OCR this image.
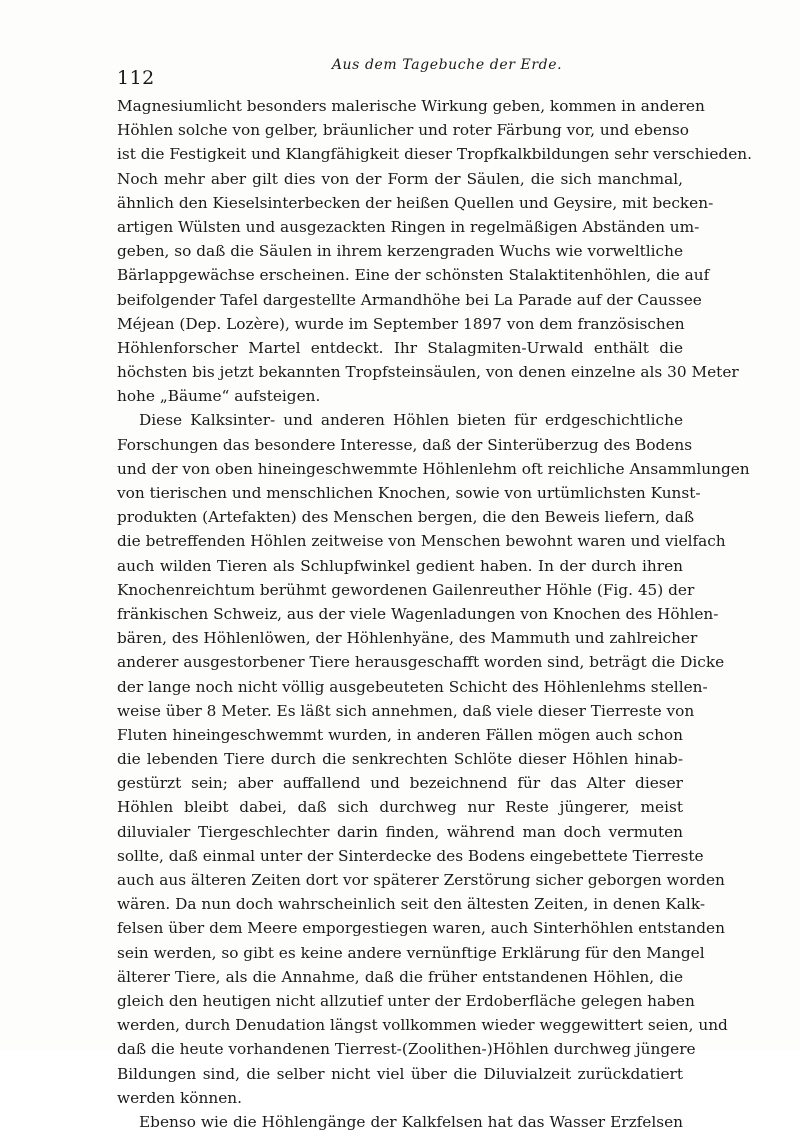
112
Aus dem Tagebuche der Erde.
Magnesiumlicht besonders malerische Wirkung geben, kommen in anderen
Höhlen solche von gelber, bräunlicher und roter Färbung vor, und ebenso
ist die Festigkeit und Klangfähigkeit dieser Tropfkalkbildungen sehr verschieden.
Noch mehr aber gilt dies von der Form der Säulen, die sich manchmal,
ähnlich den Kieselsinterbecken der heißen Quellen und Geysire, mit becken-
artigen Wülsten und ausgezackten Ringen in regelmäßigen Abständen um-
geben, so daß die Säulen in ihrem kerzengraden Wuchs wie vorweltliche
Bärlappgewächse erscheinen. Eine der schönsten Stalaktitenhöhlen, die auf
beifolgender Tafel dargestellte Armandhöhe bei La Parade auf der Caussee
Méjean (Dep. Lozère), wurde im September 1897 von dem französischen
Höhlenforscher Martel entdeckt. Ihr Stalagmiten-Urwald enthält die
höchsten bis jetzt bekannten Tropfsteinsäulen, von denen einzelne als 30 Meter
hohe „Bäume“ aufsteigen.
Diese Kalksinter- und anderen Höhlen bieten für erdgeschichtliche
Forschungen das besondere Interesse, daß der Sinterüberzug des Bodens
und der von oben hineingeschwemmte Höhlenlehm oft reichliche Ansammlungen
von tierischen und menschlichen Knochen, sowie von urtümlichsten Kunst-
produkten (Artefakten) des Menschen bergen, die den Beweis liefern, daß
die betreffenden Höhlen zeitweise von Menschen bewohnt waren und vielfach
auch wilden Tieren als Schlupfwinkel gedient haben. In der durch ihren
Knochenreichtum berühmt gewordenen Gailenreuther Höhle (Fig. 45) der
fränkischen Schweiz, aus der viele Wagenladungen von Knochen des Höhlen-
bären, des Höhlenlöwen, der Höhlenhyäne, des Mammuth und zahlreicher
anderer ausgestorbener Tiere herausgeschafft worden sind, beträgt die Dicke
der lange noch nicht völlig ausgebeuteten Schicht des Höhlenlehms stellen-
weise über 8 Meter. Es läßt sich annehmen, daß viele dieser Tierreste von
Fluten hineingeschwemmt wurden, in anderen Fällen mögen auch schon
die lebenden Tiere durch die senkrechten Schlöte dieser Höhlen hinab-
gestürzt sein; aber auffallend und bezeichnend für das Alter dieser
Höhlen bleibt dabei, daß sich durchweg nur Reste jüngerer, meist
diluvialer Tiergeschlechter darin finden, während man doch vermuten
sollte, daß einmal unter der Sinterdecke des Bodens eingebettete Tierreste
auch aus älteren Zeiten dort vor späterer Zerstörung sicher geborgen worden
wären. Da nun doch wahrscheinlich seit den ältesten Zeiten, in denen Kalk-
felsen über dem Meere emporgestiegen waren, auch Sinterhöhlen entstanden
sein werden, so gibt es keine andere vernünftige Erklärung für den Mangel
älterer Tiere, als die Annahme, daß die früher entstandenen Höhlen, die
gleich den heutigen nicht allzutief unter der Erdoberfläche gelegen haben
werden, durch Denudation längst vollkommen wieder weggewittert seien, und
daß die heute vorhandenen Tierrest-(Zoolithen-)Höhlen durchweg jüngere
Bildungen sind, die selber nicht viel über die Diluvialzeit zurückdatiert
werden können.
Ebenso wie die Höhlengänge der Kalkfelsen hat das Wasser Erzfelsen
